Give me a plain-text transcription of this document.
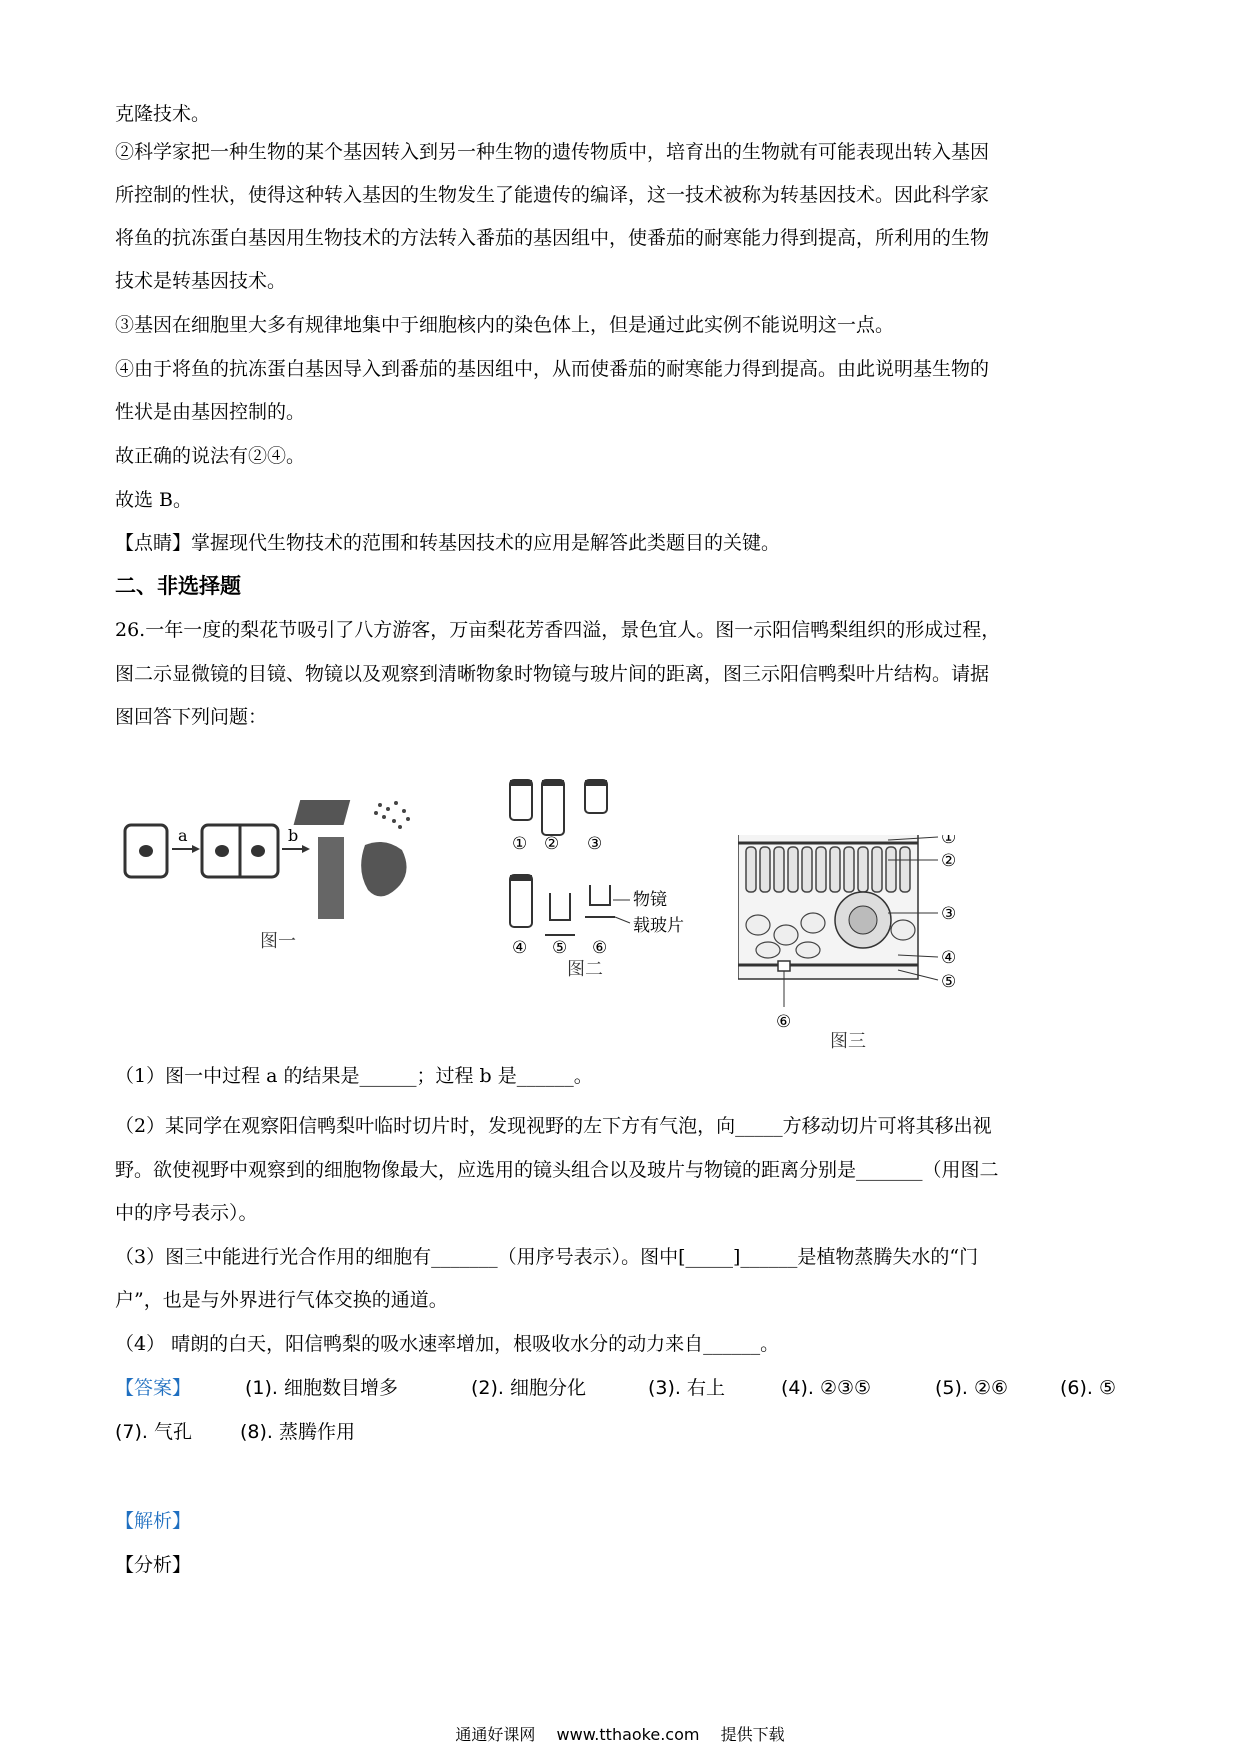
克隆技术。
②科学家把一种生物的某个基因转入到另一种生物的遗传物质中，培育出的生物就有可能表现出转入基因
所控制的性状，使得这种转入基因的生物发生了能遗传的编译，这一技术被称为转基因技术。因此科学家
将鱼的抗冻蛋白基因用生物技术的方法转入番茄的基因组中，使番茄的耐寒能力得到提高，所利用的生物
技术是转基因技术。
③基因在细胞里大多有规律地集中于细胞核内的染色体上，但是通过此实例不能说明这一点。
④由于将鱼的抗冻蛋白基因导入到番茄的基因组中，从而使番茄的耐寒能力得到提高。由此说明基生物的
性状是由基因控制的。
故正确的说法有②④。
故选 B。
【点睛】掌握现代生物技术的范围和转基因技术的应用是解答此类题目的关键。
二、非选择题
26.一年一度的梨花节吸引了八方游客，万亩梨花芳香四溢，景色宜人。图一示阳信鸭梨组织的形成过程，
图二示显微镜的目镜、物镜以及观察到清晰物象时物镜与玻片间的距离，图三示阳信鸭梨叶片结构。请据
图回答下列问题：
a	b
图一
物镜
载玻片
① ② ③
④ ⑤ ⑥
图二
①
②
③
④
⑤
⑥
图三
（1）图一中过程 a 的结果是______；过程 b 是______。
（2）某同学在观察阳信鸭梨叶临时切片时，发现视野的左下方有气泡，向_____方移动切片可将其移出视
野。欲使视野中观察到的细胞物像最大，应选用的镜头组合以及玻片与物镜的距离分别是_______（用图二
中的序号表示）。
（3）图三中能进行光合作用的细胞有_______（用序号表示）。图中[_____]______是植物蒸腾失水的“门
户”，也是与外界进行气体交换的通道。
（4） 晴朗的白天，阳信鸭梨的吸水速率增加，根吸收水分的动力来自______。
【答案】	(1). 细胞数目增多	(2). 细胞分化	(3). 右上	(4). ②③⑤	(5). ②⑥	(6). ⑤
(7). 气孔	(8). 蒸腾作用
【解析】
【分析】
通通好课网 www.tthaoke.com 提供下载
